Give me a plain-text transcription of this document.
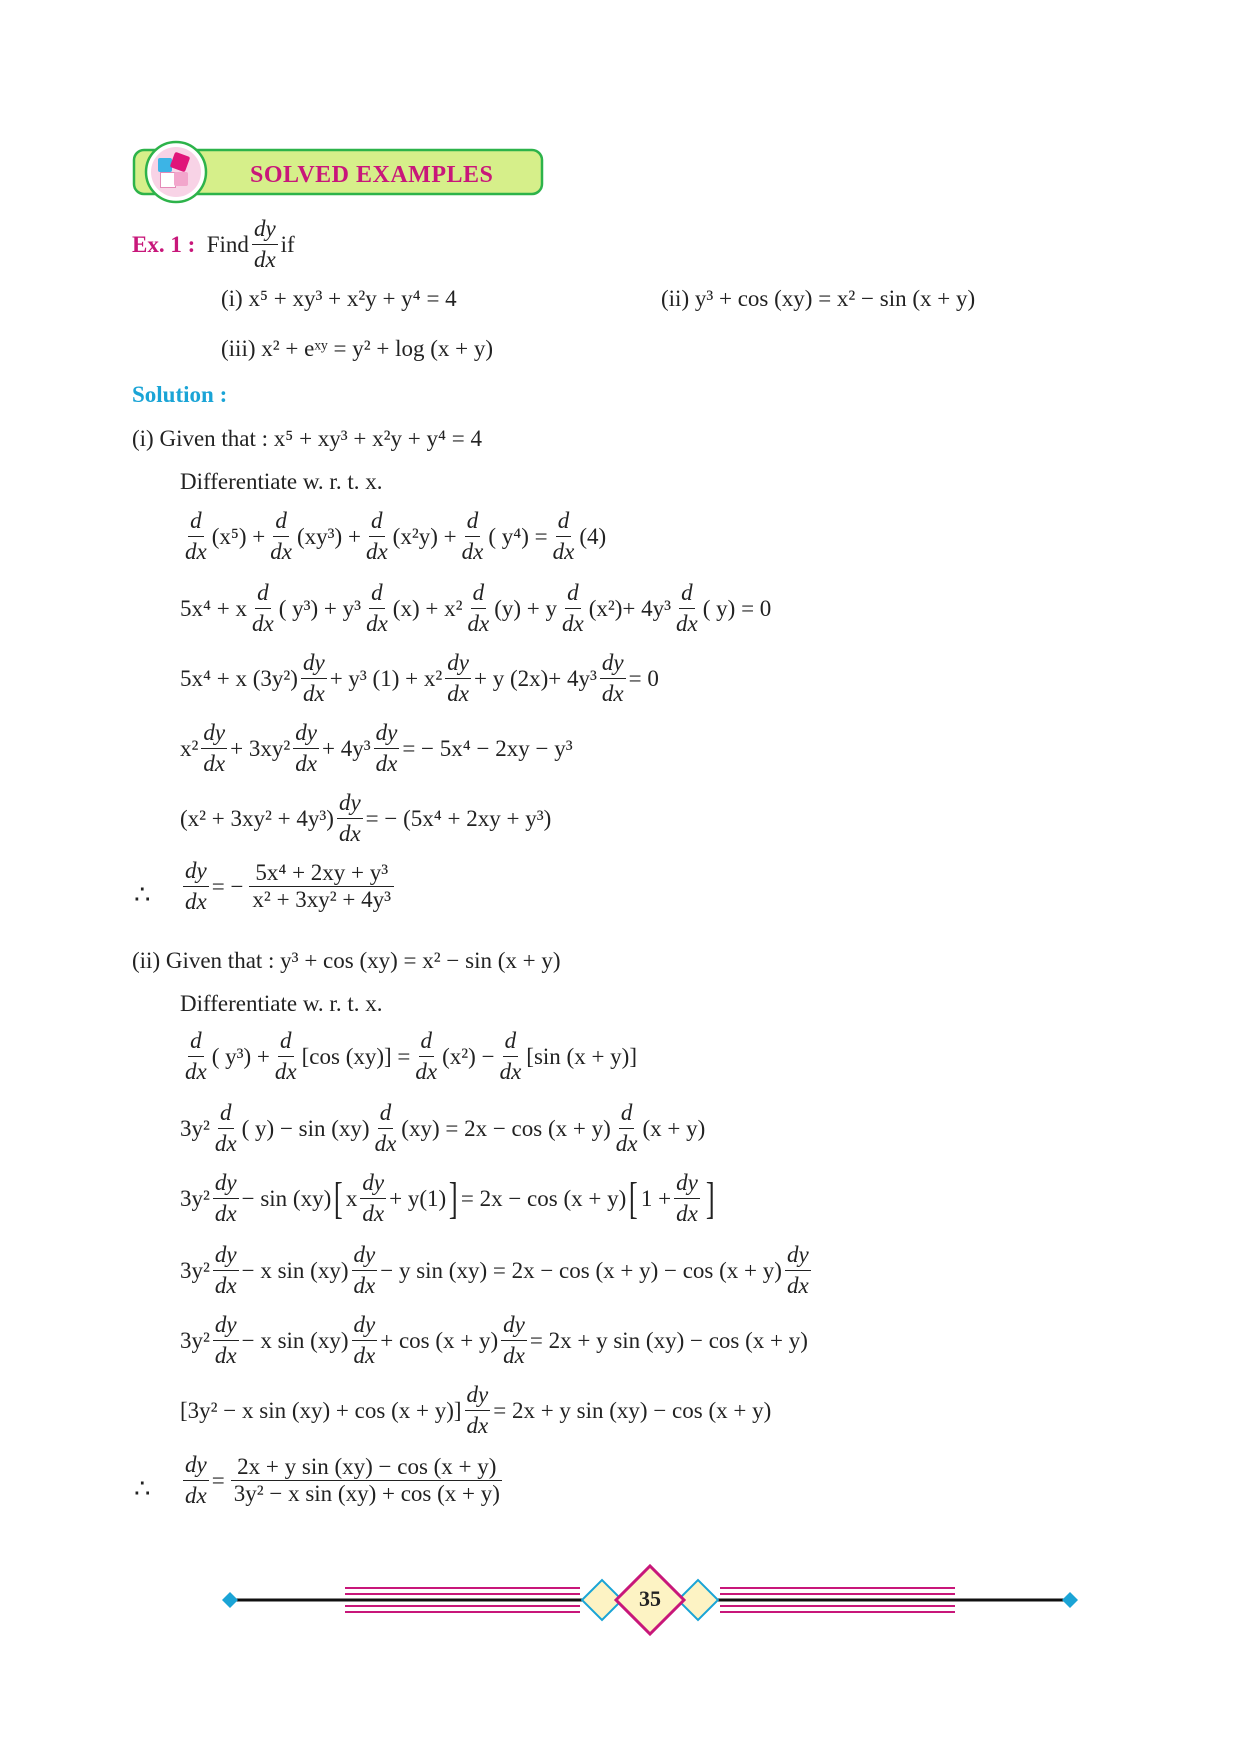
SOLVED EXAMPLES
Ex. 1 :
Find $\frac{dy}{dx}$ if
(i) x⁵ + xy³ + x²y + y⁴ = 4	(ii) y³ + cos (xy) = x² − sin (x + y)
(iii) x² + eˣʸ = y² + log (x + y)
Solution :
(i) Given that : x⁵ + xy³ + x²y + y⁴ = 4
Differentiate w. r. t. x.
$\frac{d}{dx} (x^5) + \frac{d}{dx} (xy^3) + \frac{d}{dx} (x^2y) + \frac{d}{dx}$ ( $y^4) = \frac{d}{dx} (4)$
5x⁴ + x $\frac{d}{dx}$ ( $y^3) + y^3 \frac{d}{dx} (x) + x^2 \frac{d}{dx} (y) + y \frac{d}{dx} (x^2)+ 4y^3 \frac{d}{dx}$ ( y) = 0
5x⁴ + x $(3y^2) \frac{dy}{dx} + y^3$ $(1) + x^2 \frac{dy}{dx} + y$ $(2x)+ 4y^3 \frac{dy}{dx} = 0$
$x^2 \frac{dy}{dx} + 3xy^2 \frac{dy}{dx} + 4y^3 \frac{dy}{dx}$ = − 5x⁴ − 2xy − y³
$(x^2 + 3xy^2 + 4y^3) \frac{dy}{dx}$ = − (5x⁴ + 2xy + y³)
∴ $\frac{dy}{dx}$ = − $\frac{\text{5x⁴ + 2xy + y³}}{\text{x² + 3xy² + 4y³}}$
(ii) Given that : y³ + cos (xy) = x² − sin (x + y)
Differentiate w. r. t. x.
$\frac{d}{dx}$ ( $y^3) + \frac{d}{dx} [\cos$ $(xy)] = \frac{d}{dx} (x^2) - \frac{d}{dx} [\sin$ (x + y)]
$3y^2 \frac{d}{dx}$ ( $y) - \sin (xy) \frac{d}{dx} (xy) = 2x - \cos (x + y) \frac{d}{dx} (x + y)$
$3y^2 \frac{dy}{dx} - \sin (xy)$ [ x $\frac{dy}{dx} + y(1)$ ] = 2x − cos (x + y) [ $1 + \frac{dy}{dx}$ ]
$3y^2 \frac{dy}{dx} - x$ $\sin (xy) \frac{dy}{dx} - y$ $\sin (xy) = 2x - \cos (x + y) - \cos (x + y) \frac{dy}{dx}$
$3y^2 \frac{dy}{dx} - x$ $\sin (xy) \frac{dy}{dx} + \cos (x + y) \frac{dy}{dx} = 2x + y$ sin (xy) − cos (x + y)
[3y² − x $\sin (xy) + \cos (x + y)] \frac{dy}{dx} = 2x + y$ sin (xy) − cos (x + y)
∴ $\frac{dy}{dx} = \frac{\text{2x + y sin (xy) − cos (x + y)}}{\text{3y² − x sin (xy) + cos (x + y)}}$
35
